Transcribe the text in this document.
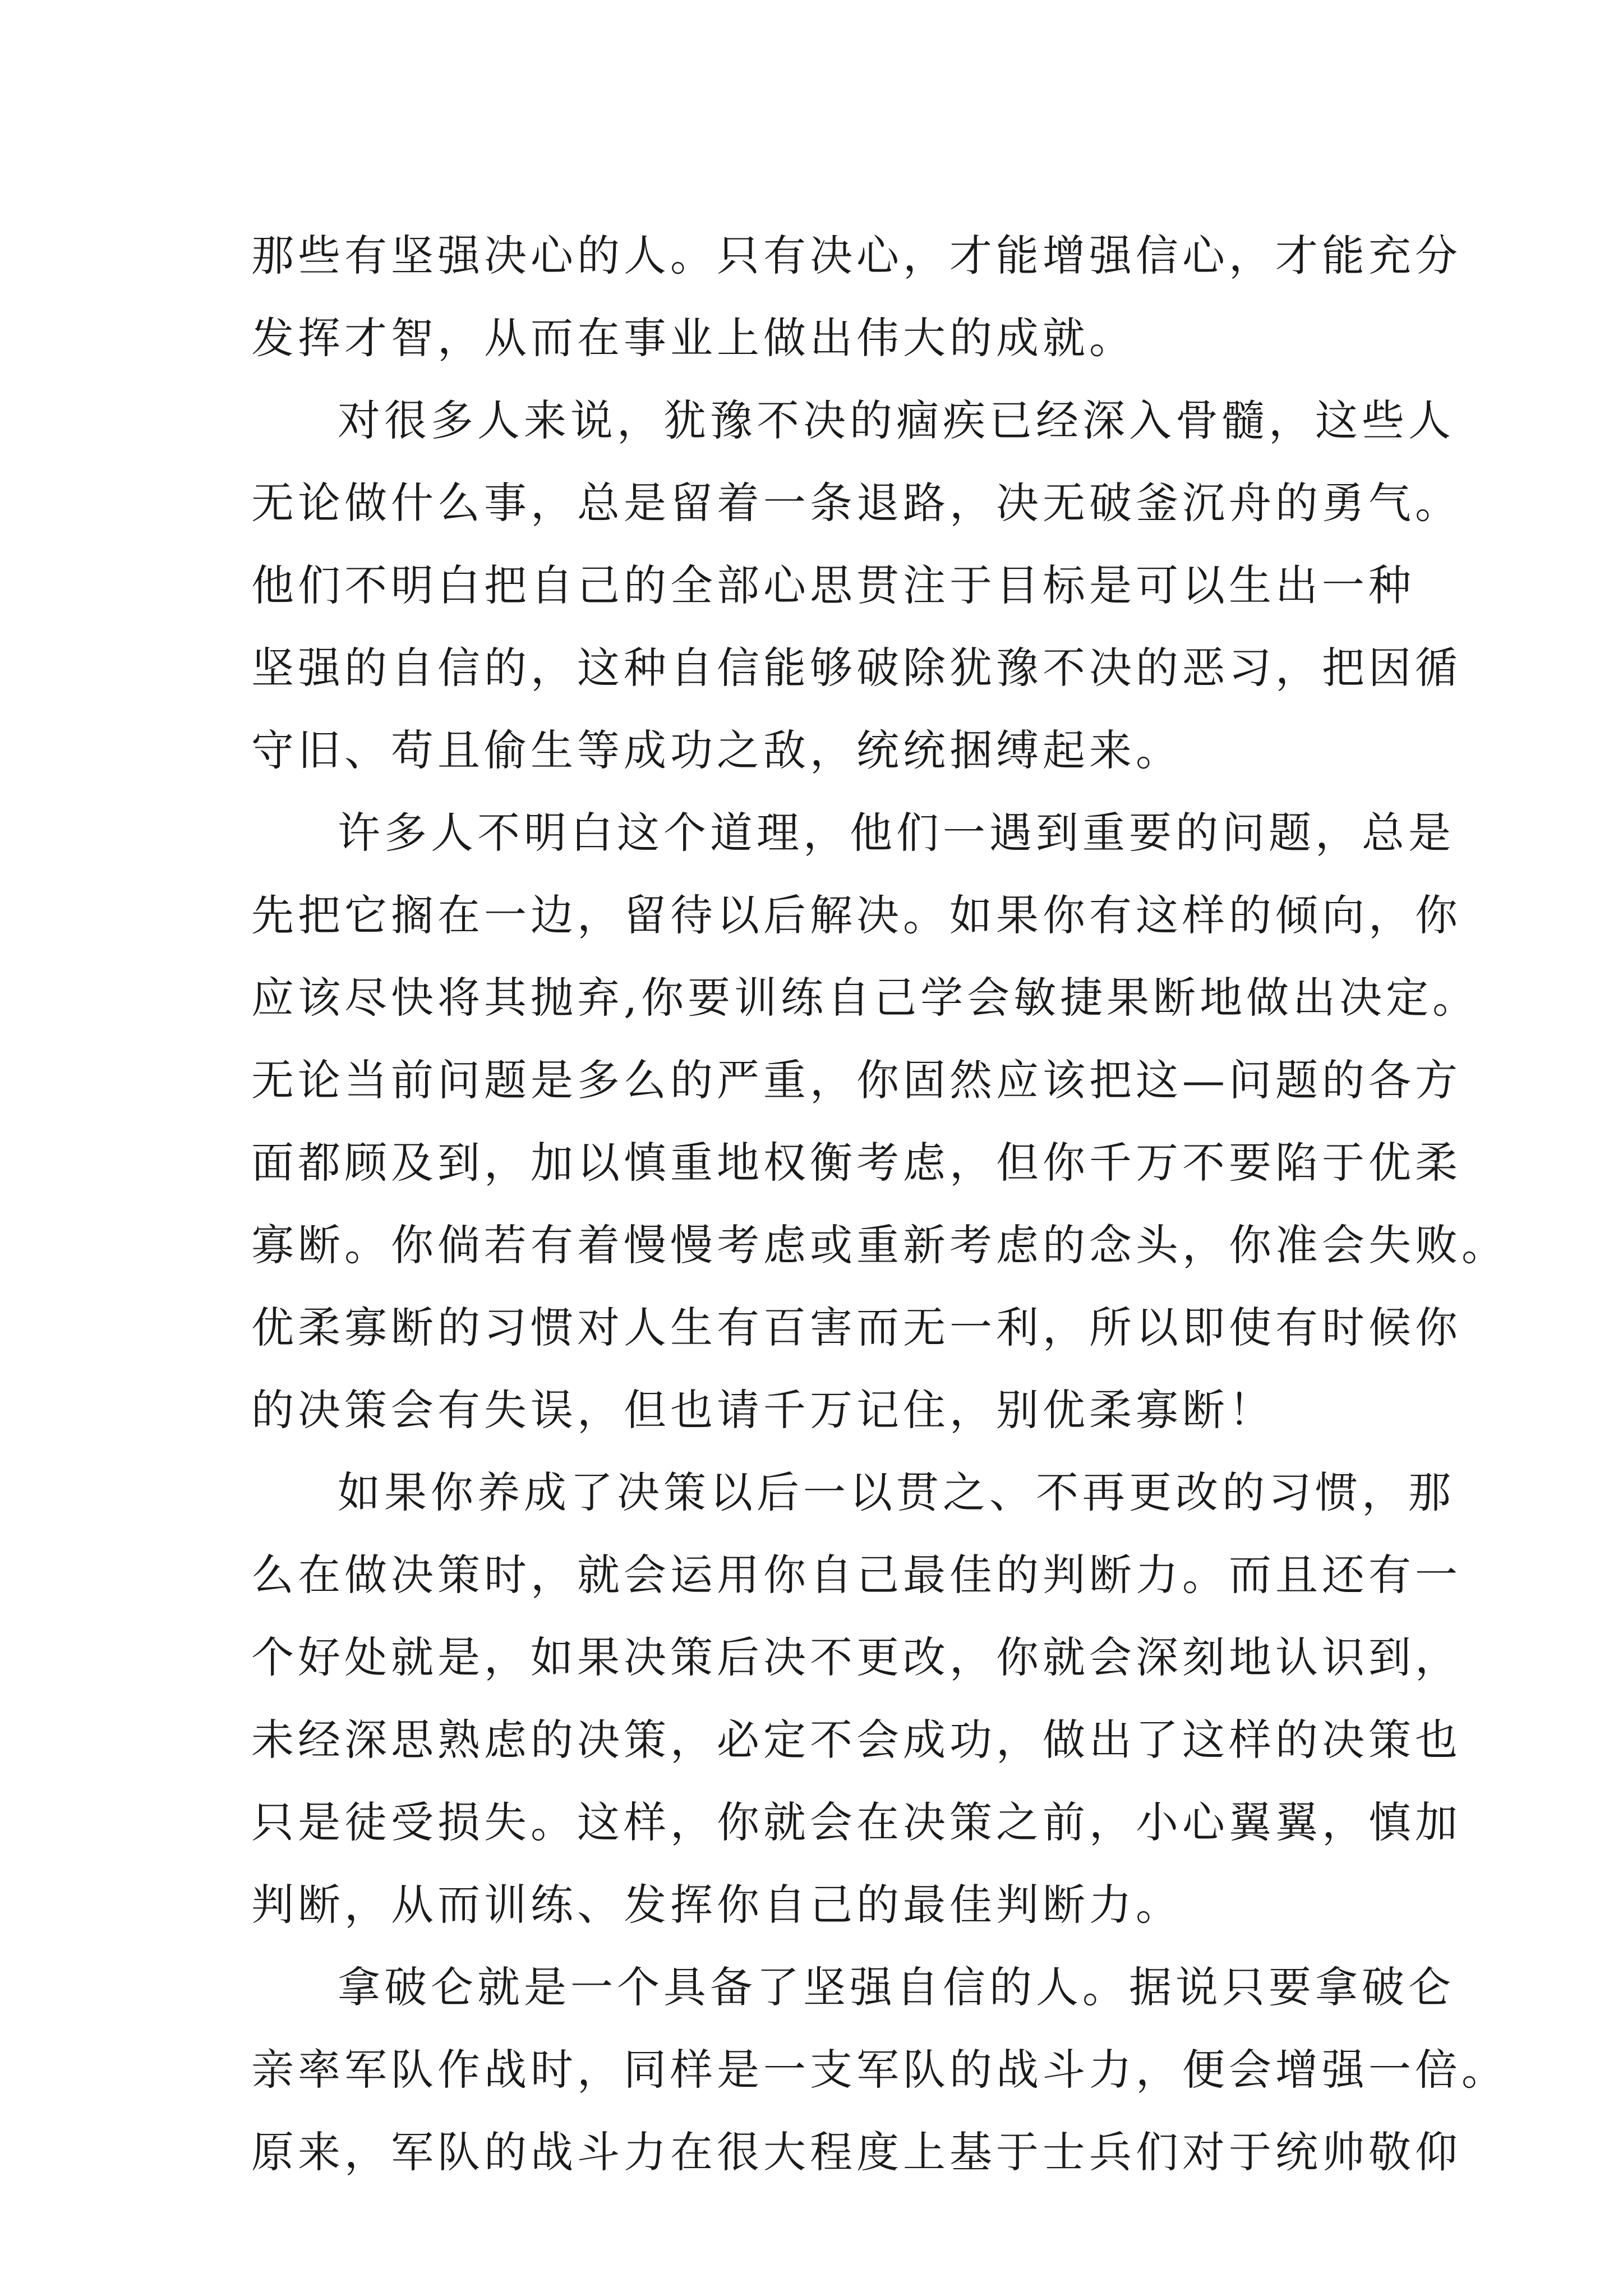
那些有坚强决心的人。只有决心，才能增强信心，才能充分
发挥才智，从而在事业上做出伟大的成就。
对很多人来说，犹豫不决的痼疾已经深入骨髓，这些人
无论做什么事，总是留着一条退路，决无破釜沉舟的勇气。
他们不明白把自己的全部心思贯注于目标是可以生出一种
坚强的自信的，这种自信能够破除犹豫不决的恶习，把因循
守旧、苟且偷生等成功之敌，统统捆缚起来。
许多人不明白这个道理，他们一遇到重要的问题，总是
先把它搁在一边，留待以后解决。如果你有这样的倾向，你
应该尽快将其抛弃,你要训练自己学会敏捷果断地做出决定。
无论当前问题是多么的严重，你固然应该把这—问题的各方
面都顾及到，加以慎重地权衡考虑，但你千万不要陷于优柔
寡断。你倘若有着慢慢考虑或重新考虑的念头，你准会失败。
优柔寡断的习惯对人生有百害而无一利，所以即使有时候你
的决策会有失误，但也请千万记住，别优柔寡断！
如果你养成了决策以后一以贯之、不再更改的习惯，那
么在做决策时，就会运用你自己最佳的判断力。而且还有一
个好处就是，如果决策后决不更改，你就会深刻地认识到，
未经深思熟虑的决策，必定不会成功，做出了这样的决策也
只是徒受损失。这样，你就会在决策之前，小心翼翼，慎加
判断，从而训练、发挥你自己的最佳判断力。
拿破仑就是一个具备了坚强自信的人。据说只要拿破仑
亲率军队作战时，同样是一支军队的战斗力，便会增强一倍。
原来，军队的战斗力在很大程度上基于士兵们对于统帅敬仰
